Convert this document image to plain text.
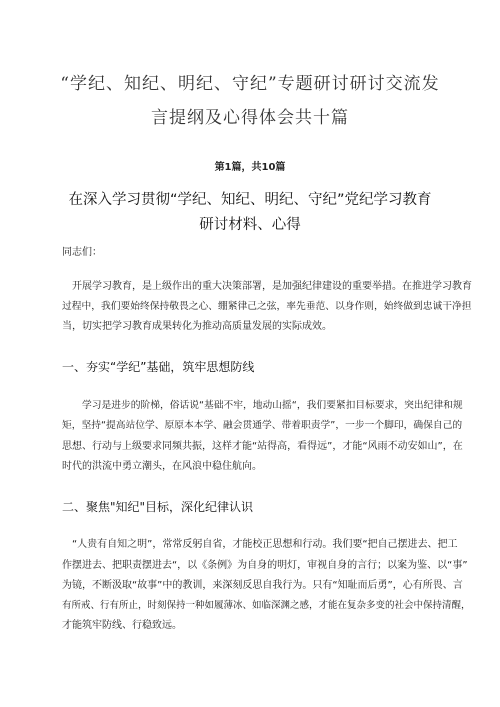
“学纪、知纪、明纪、守纪”专题研讨研讨交流发
言提纲及心得体会共十篇
第1篇，共10篇
在深入学习贯彻“学纪、知纪、明纪、守纪”党纪学习教育
研讨材料、心得
同志们：
开展学习教育，是上级作出的重大决策部署，是加强纪律建设的重要举措。在推进学习教育
过程中，我们要始终保持敬畏之心、绷紧律己之弦，率先垂范、以身作则，始终做到忠诚干净担
当，切实把学习教育成果转化为推动高质量发展的实际成效。
一、夯实“学纪”基础，筑牢思想防线
学习是进步的阶梯，俗话说“基础不牢，地动山摇“，我们要紧扣目标要求，突出纪律和规
矩，坚持“提高站位学、原原本本学、融会贯通学、带着职责学”，一步一个脚印，确保自己的
思想、行动与上级要求同频共振，这样才能“站得高，看得远”，才能“风雨不动安如山”，在
时代的洪流中勇立潮头，在风浪中稳住航向。
二、聚焦"知纪"目标，深化纪律认识
“人贵有自知之明”，常常反躬自省，才能校正思想和行动。我们要“把自己摆进去、把工
作摆进去、把职责摆进去“，以《条例》为自身的明灯，审视自身的言行；以案为鉴、以“事”
为镜，不断汲取“故事”中的教训，来深刻反思自我行为。只有“知耻而后勇”，心有所畏、言
有所戒、行有所止，时刻保持一种如履薄冰、如临深渊之感，才能在复杂多变的社会中保持清醒，
才能筑牢防线、行稳致远。
